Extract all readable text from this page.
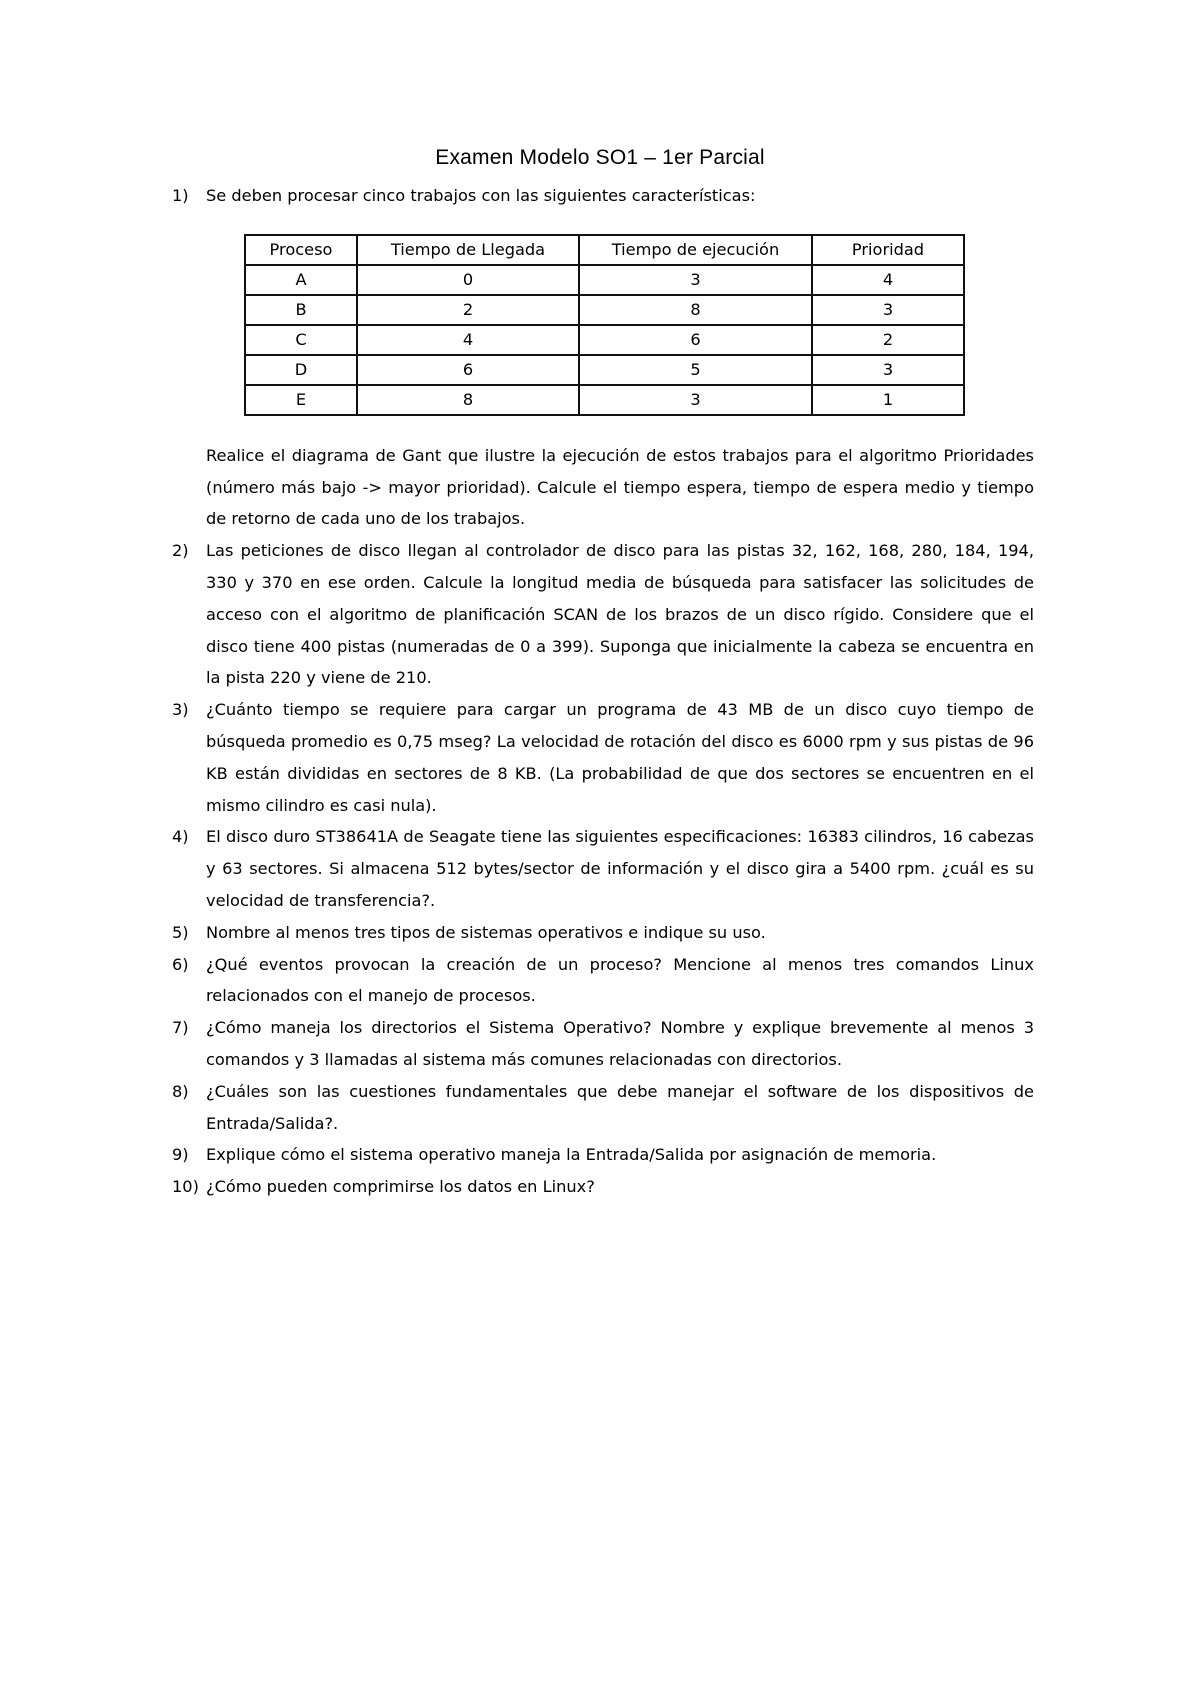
Examen Modelo SO1 – 1er Parcial
1)	Se deben procesar cinco trabajos con las siguientes características:
Proceso	Tiempo de Llegada	Tiempo de ejecución	Prioridad
A	0	3	4
B	2	8	3
C	4	6	2
D	6	5	3
E	8	3	1
Realice el diagrama de Gant que ilustre la ejecución de estos trabajos para el algoritmo Prioridades (número más bajo -> mayor prioridad). Calcule el tiempo espera, tiempo de espera medio y tiempo de retorno de cada uno de los trabajos.
2)	Las peticiones de disco llegan al controlador de disco para las pistas 32, 162, 168, 280, 184, 194, 330 y 370 en ese orden. Calcule la longitud media de búsqueda para satisfacer las solicitudes de acceso con el algoritmo de planificación SCAN de los brazos de un disco rígido. Considere que el disco tiene 400 pistas (numeradas de 0 a 399). Suponga que inicialmente la cabeza se encuentra en la pista 220 y viene de 210.
3)	¿Cuánto tiempo se requiere para cargar un programa de 43 MB de un disco cuyo tiempo de búsqueda promedio es 0,75 mseg? La velocidad de rotación del disco es 6000 rpm y sus pistas de 96 KB están divididas en sectores de 8 KB. (La probabilidad de que dos sectores se encuentren en el mismo cilindro es casi nula).
4)	El disco duro ST38641A de Seagate tiene las siguientes especificaciones: 16383 cilindros, 16 cabezas y 63 sectores. Si almacena 512 bytes/sector de información y el disco gira a 5400 rpm. ¿cuál es su velocidad de transferencia?.
5)	Nombre al menos tres tipos de sistemas operativos e indique su uso.
6)	¿Qué eventos provocan la creación de un proceso? Mencione al menos tres comandos Linux relacionados con el manejo de procesos.
7)	¿Cómo maneja los directorios el Sistema Operativo? Nombre y explique brevemente al menos 3 comandos y 3 llamadas al sistema más comunes relacionadas con directorios.
8)	¿Cuáles son las cuestiones fundamentales que debe manejar el software de los dispositivos de Entrada/Salida?.
9)	Explique cómo el sistema operativo maneja la Entrada/Salida por asignación de memoria.
10) ¿Cómo pueden comprimirse los datos en Linux?
